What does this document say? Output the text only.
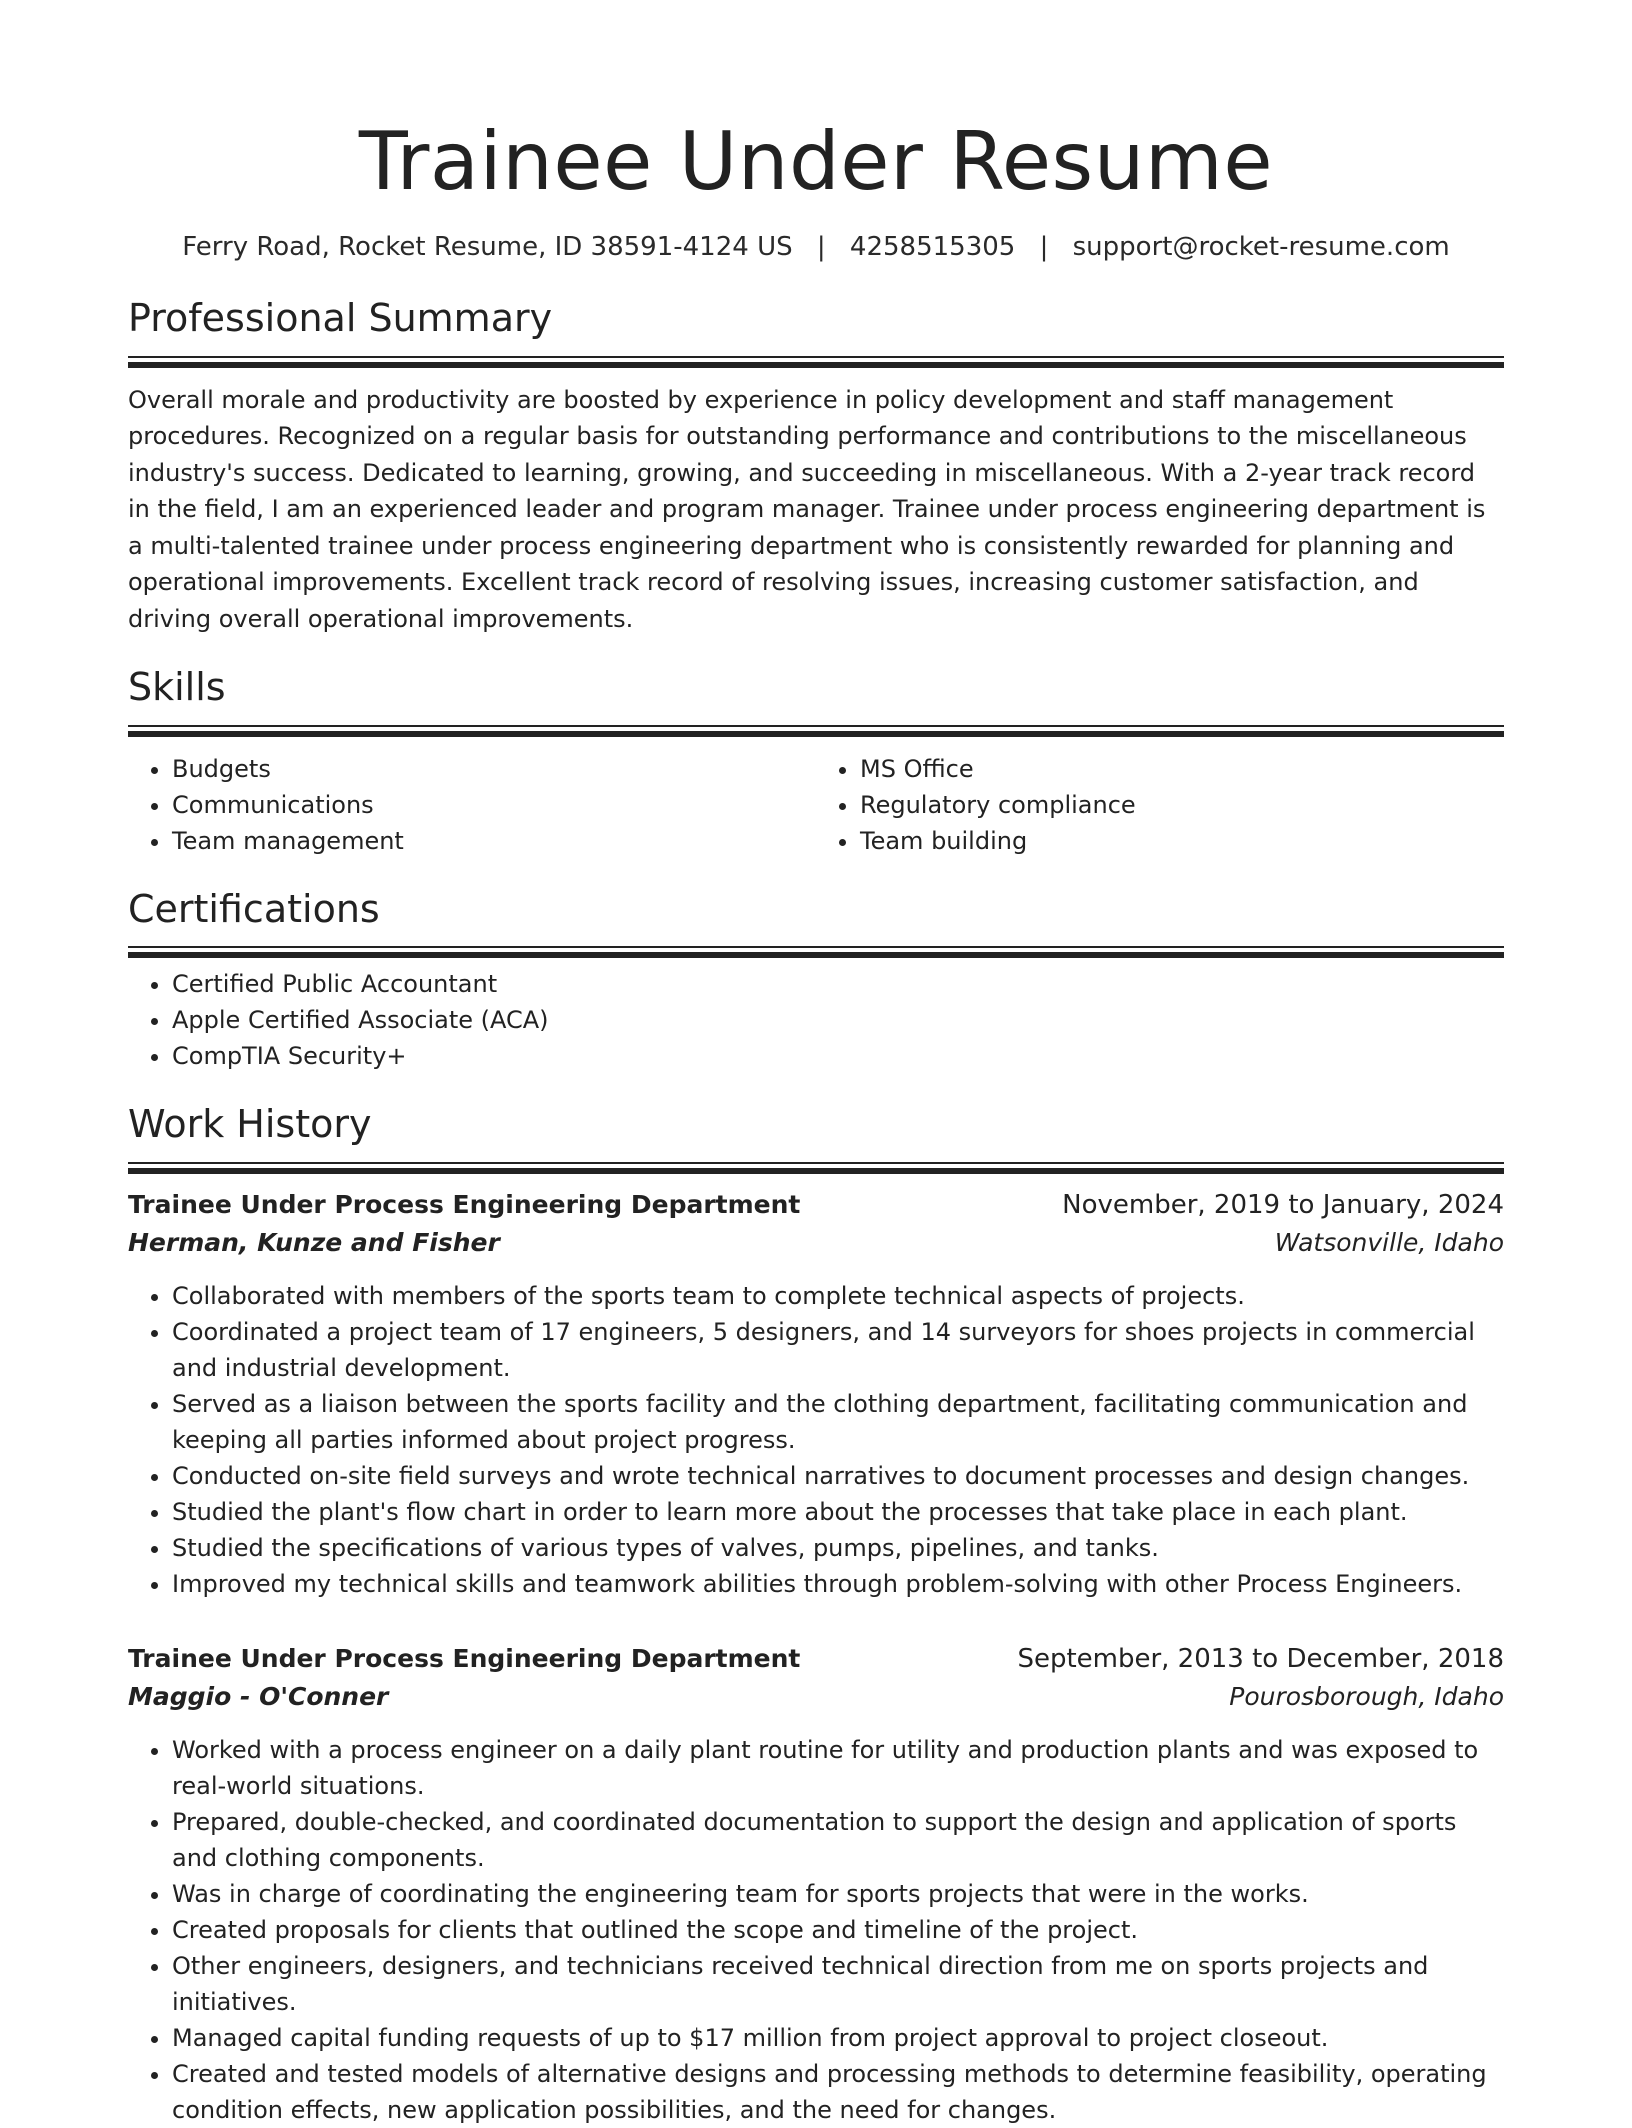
Trainee Under Resume
Ferry Road, Rocket Resume, ID 38591-4124 US | 4258515305 | support@rocket-resume.com
Professional Summary

Overall morale and productivity are boosted by experience in policy development and staff management procedures. Recognized on a regular basis for outstanding performance and contributions to the miscellaneous industry's success. Dedicated to learning, growing, and succeeding in miscellaneous. With a 2-year track record in the field, I am an experienced leader and program manager. Trainee under process engineering department is a multi-talented trainee under process engineering department who is consistently rewarded for planning and operational improvements. Excellent track record of resolving issues, increasing customer satisfaction, and driving overall operational improvements.

Skills
• Budgets
• Communications
• Team management
• MS Office
• Regulatory compliance
• Team building
Certifications
• Certified Public Accountant
• Apple Certified Associate (ACA)
• CompTIA Security+
Work History
Trainee Under Process Engineering Department	November, 2019 to January, 2024
Herman, Kunze and Fisher	Watsonville, Idaho
• Collaborated with members of the sports team to complete technical aspects of projects.
• Coordinated a project team of 17 engineers, 5 designers, and 14 surveyors for shoes projects in commercial and industrial development.
• Served as a liaison between the sports facility and the clothing department, facilitating communication and keeping all parties informed about project progress.
• Conducted on-site field surveys and wrote technical narratives to document processes and design changes.
• Studied the plant's flow chart in order to learn more about the processes that take place in each plant.
• Studied the specifications of various types of valves, pumps, pipelines, and tanks.
• Improved my technical skills and teamwork abilities through problem-solving with other Process Engineers.
Trainee Under Process Engineering Department	September, 2013 to December, 2018
Maggio - O'Conner	Pourosborough, Idaho
• Worked with a process engineer on a daily plant routine for utility and production plants and was exposed to real-world situations.
• Prepared, double-checked, and coordinated documentation to support the design and application of sports and clothing components.
• Was in charge of coordinating the engineering team for sports projects that were in the works.
• Created proposals for clients that outlined the scope and timeline of the project.
• Other engineers, designers, and technicians received technical direction from me on sports projects and initiatives.
• Managed capital funding requests of up to $17 million from project approval to project closeout.
• Created and tested models of alternative designs and processing methods to determine feasibility, operating condition effects, new application possibilities, and the need for changes.
